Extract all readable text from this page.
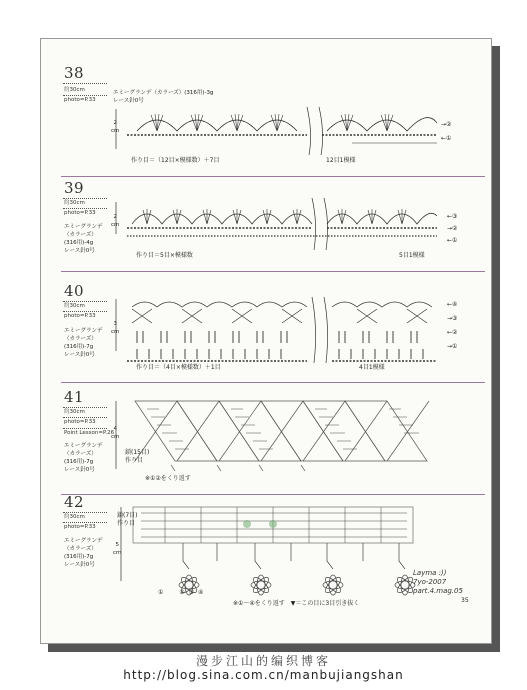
38
約30cm
photo=P.33
エミーグランデ（カラーズ）(316用)‑3g
レース針0号
2
cm
作り目＝（12目×模様数）＋7目	12目1模様
→②
←①
39
約30cm
photo=P.33
エミーグランデ
（カラーズ）
(316用)‑4g
レース針0号
2
cm
作り目＝5目×模様数	5目1模様
←③
→②
←①
40
約30cm
photo=P.33
エミーグランデ
（カラーズ）
(316用)‑7g
レース針0号
3
cm
作り目＝（4目×模様数）＋1目	4目1模様
←④
→③
←②
→①
41
約30cm
photo=P.33
Point Lesson=P.26
エミーグランデ
（カラーズ）
(316用)‑7g
レース針0号
4
cm
鎖(15目)
作り目
※①②をくり返す
42
約30cm
photo=P.33
エミーグランデ
（カラーズ）
(316用)‑7g
レース針0号
鎖(7目)
作り目
5
cm
① ②③④
※①～④をくり返す　▼＝この目に3目引き抜く
Layma :))
7yo-2007
part.4.mag.05
35
漫步江山的编织博客
http://blog.sina.com.cn/manbujiangshan
